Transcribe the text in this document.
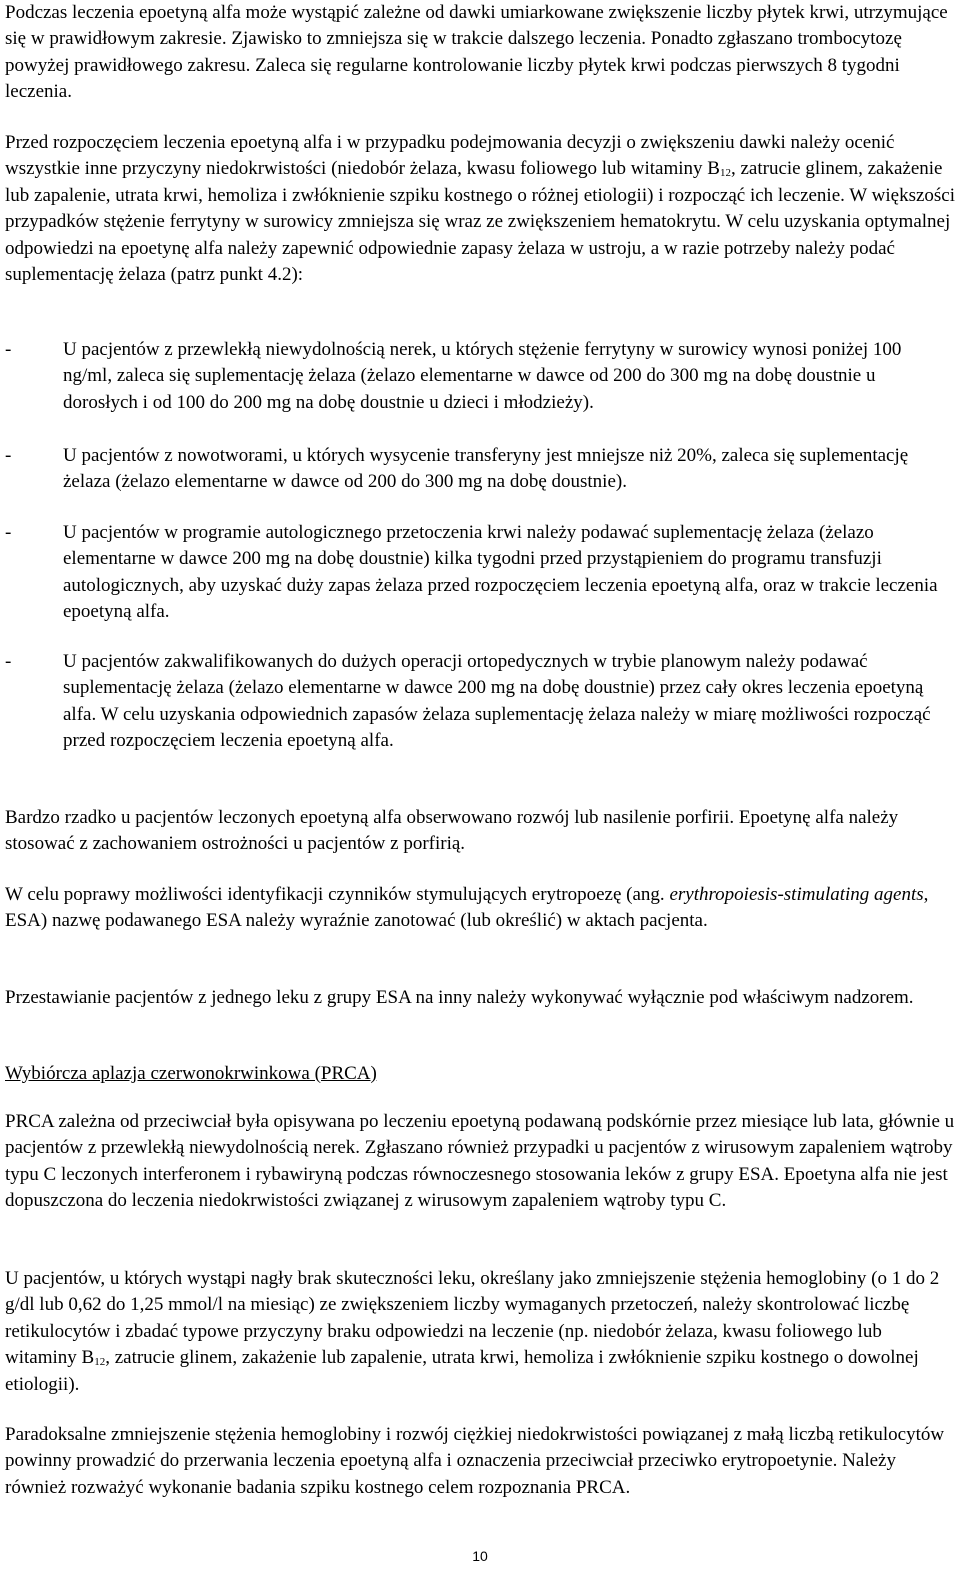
Podczas leczenia epoetyną alfa może wystąpić zależne od dawki umiarkowane zwiększenie liczby płytek krwi, utrzymujące się w prawidłowym zakresie. Zjawisko to zmniejsza się w trakcie dalszego leczenia. Ponadto zgłaszano trombocytozę powyżej prawidłowego zakresu. Zaleca się regularne kontrolowanie liczby płytek krwi podczas pierwszych 8 tygodni leczenia.

Przed rozpoczęciem leczenia epoetyną alfa i w przypadku podejmowania decyzji o zwiększeniu dawki należy ocenić wszystkie inne przyczyny niedokrwistości (niedobór żelaza, kwasu foliowego lub witaminy $B_{12}$, zatrucie glinem, zakażenie lub zapalenie, utrata krwi, hemoliza i zwłóknienie szpiku kostnego o różnej etiologii) i rozpocząć ich leczenie. W większości przypadków stężenie ferrytyny w surowicy zmniejsza się wraz ze zwiększeniem hematokrytu. W celu uzyskania optymalnej odpowiedzi na epoetynę alfa należy zapewnić odpowiednie zapasy żelaza w ustroju, a w razie potrzeby należy podać suplementację żelaza (patrz punkt 4.2):

-	U pacjentów z przewlekłą niewydolnością nerek, u których stężenie ferrytyny w surowicy wynosi poniżej 100 ng/ml, zaleca się suplementację żelaza (żelazo elementarne w dawce od 200 do 300 mg na dobę doustnie u dorosłych i od 100 do 200 mg na dobę doustnie u dzieci i młodzieży).
-	U pacjentów z nowotworami, u których wysycenie transferyny jest mniejsze niż 20%, zaleca się suplementację żelaza (żelazo elementarne w dawce od 200 do 300 mg na dobę doustnie).
-	U pacjentów w programie autologicznego przetoczenia krwi należy podawać suplementację żelaza (żelazo elementarne w dawce 200 mg na dobę doustnie) kilka tygodni przed przystąpieniem do programu transfuzji autologicznych, aby uzyskać duży zapas żelaza przed rozpoczęciem leczenia epoetyną alfa, oraz w trakcie leczenia epoetyną alfa.
-	U pacjentów zakwalifikowanych do dużych operacji ortopedycznych w trybie planowym należy podawać suplementację żelaza (żelazo elementarne w dawce 200 mg na dobę doustnie) przez cały okres leczenia epoetyną alfa. W celu uzyskania odpowiednich zapasów żelaza suplementację żelaza należy w miarę możliwości rozpocząć przed rozpoczęciem leczenia epoetyną alfa.

Bardzo rzadko u pacjentów leczonych epoetyną alfa obserwowano rozwój lub nasilenie porfirii. Epoetynę alfa należy stosować z zachowaniem ostrożności u pacjentów z porfirią.

W celu poprawy możliwości identyfikacji czynników stymulujących erytropoezę (ang. erythropoiesis-stimulating agents, ESA) nazwę podawanego ESA należy wyraźnie zanotować (lub określić) w aktach pacjenta.

Przestawianie pacjentów z jednego leku z grupy ESA na inny należy wykonywać wyłącznie pod właściwym nadzorem.

Wybiórcza aplazja czerwonokrwinkowa (PRCA)

PRCA zależna od przeciwciał była opisywana po leczeniu epoetyną podawaną podskórnie przez miesiące lub lata, głównie u pacjentów z przewlekłą niewydolnością nerek. Zgłaszano również przypadki u pacjentów z wirusowym zapaleniem wątroby typu C leczonych interferonem i rybawiryną podczas równoczesnego stosowania leków z grupy ESA. Epoetyna alfa nie jest dopuszczona do leczenia niedokrwistości związanej z wirusowym zapaleniem wątroby typu C.

U pacjentów, u których wystąpi nagły brak skuteczności leku, określany jako zmniejszenie stężenia hemoglobiny (o 1 do 2 g/dl lub 0,62 do 1,25 mmol/l na miesiąc) ze zwiększeniem liczby wymaganych przetoczeń, należy skontrolować liczbę retikulocytów i zbadać typowe przyczyny braku odpowiedzi na leczenie (np. niedobór żelaza, kwasu foliowego lub witaminy $B_{12}$, zatrucie glinem, zakażenie lub zapalenie, utrata krwi, hemoliza i zwłóknienie szpiku kostnego o dowolnej etiologii).

Paradoksalne zmniejszenie stężenia hemoglobiny i rozwój ciężkiej niedokrwistości powiązanej z małą liczbą retikulocytów powinny prowadzić do przerwania leczenia epoetyną alfa i oznaczenia przeciwciał przeciwko erytropoetynie. Należy również rozważyć wykonanie badania szpiku kostnego celem rozpoznania PRCA.

10
